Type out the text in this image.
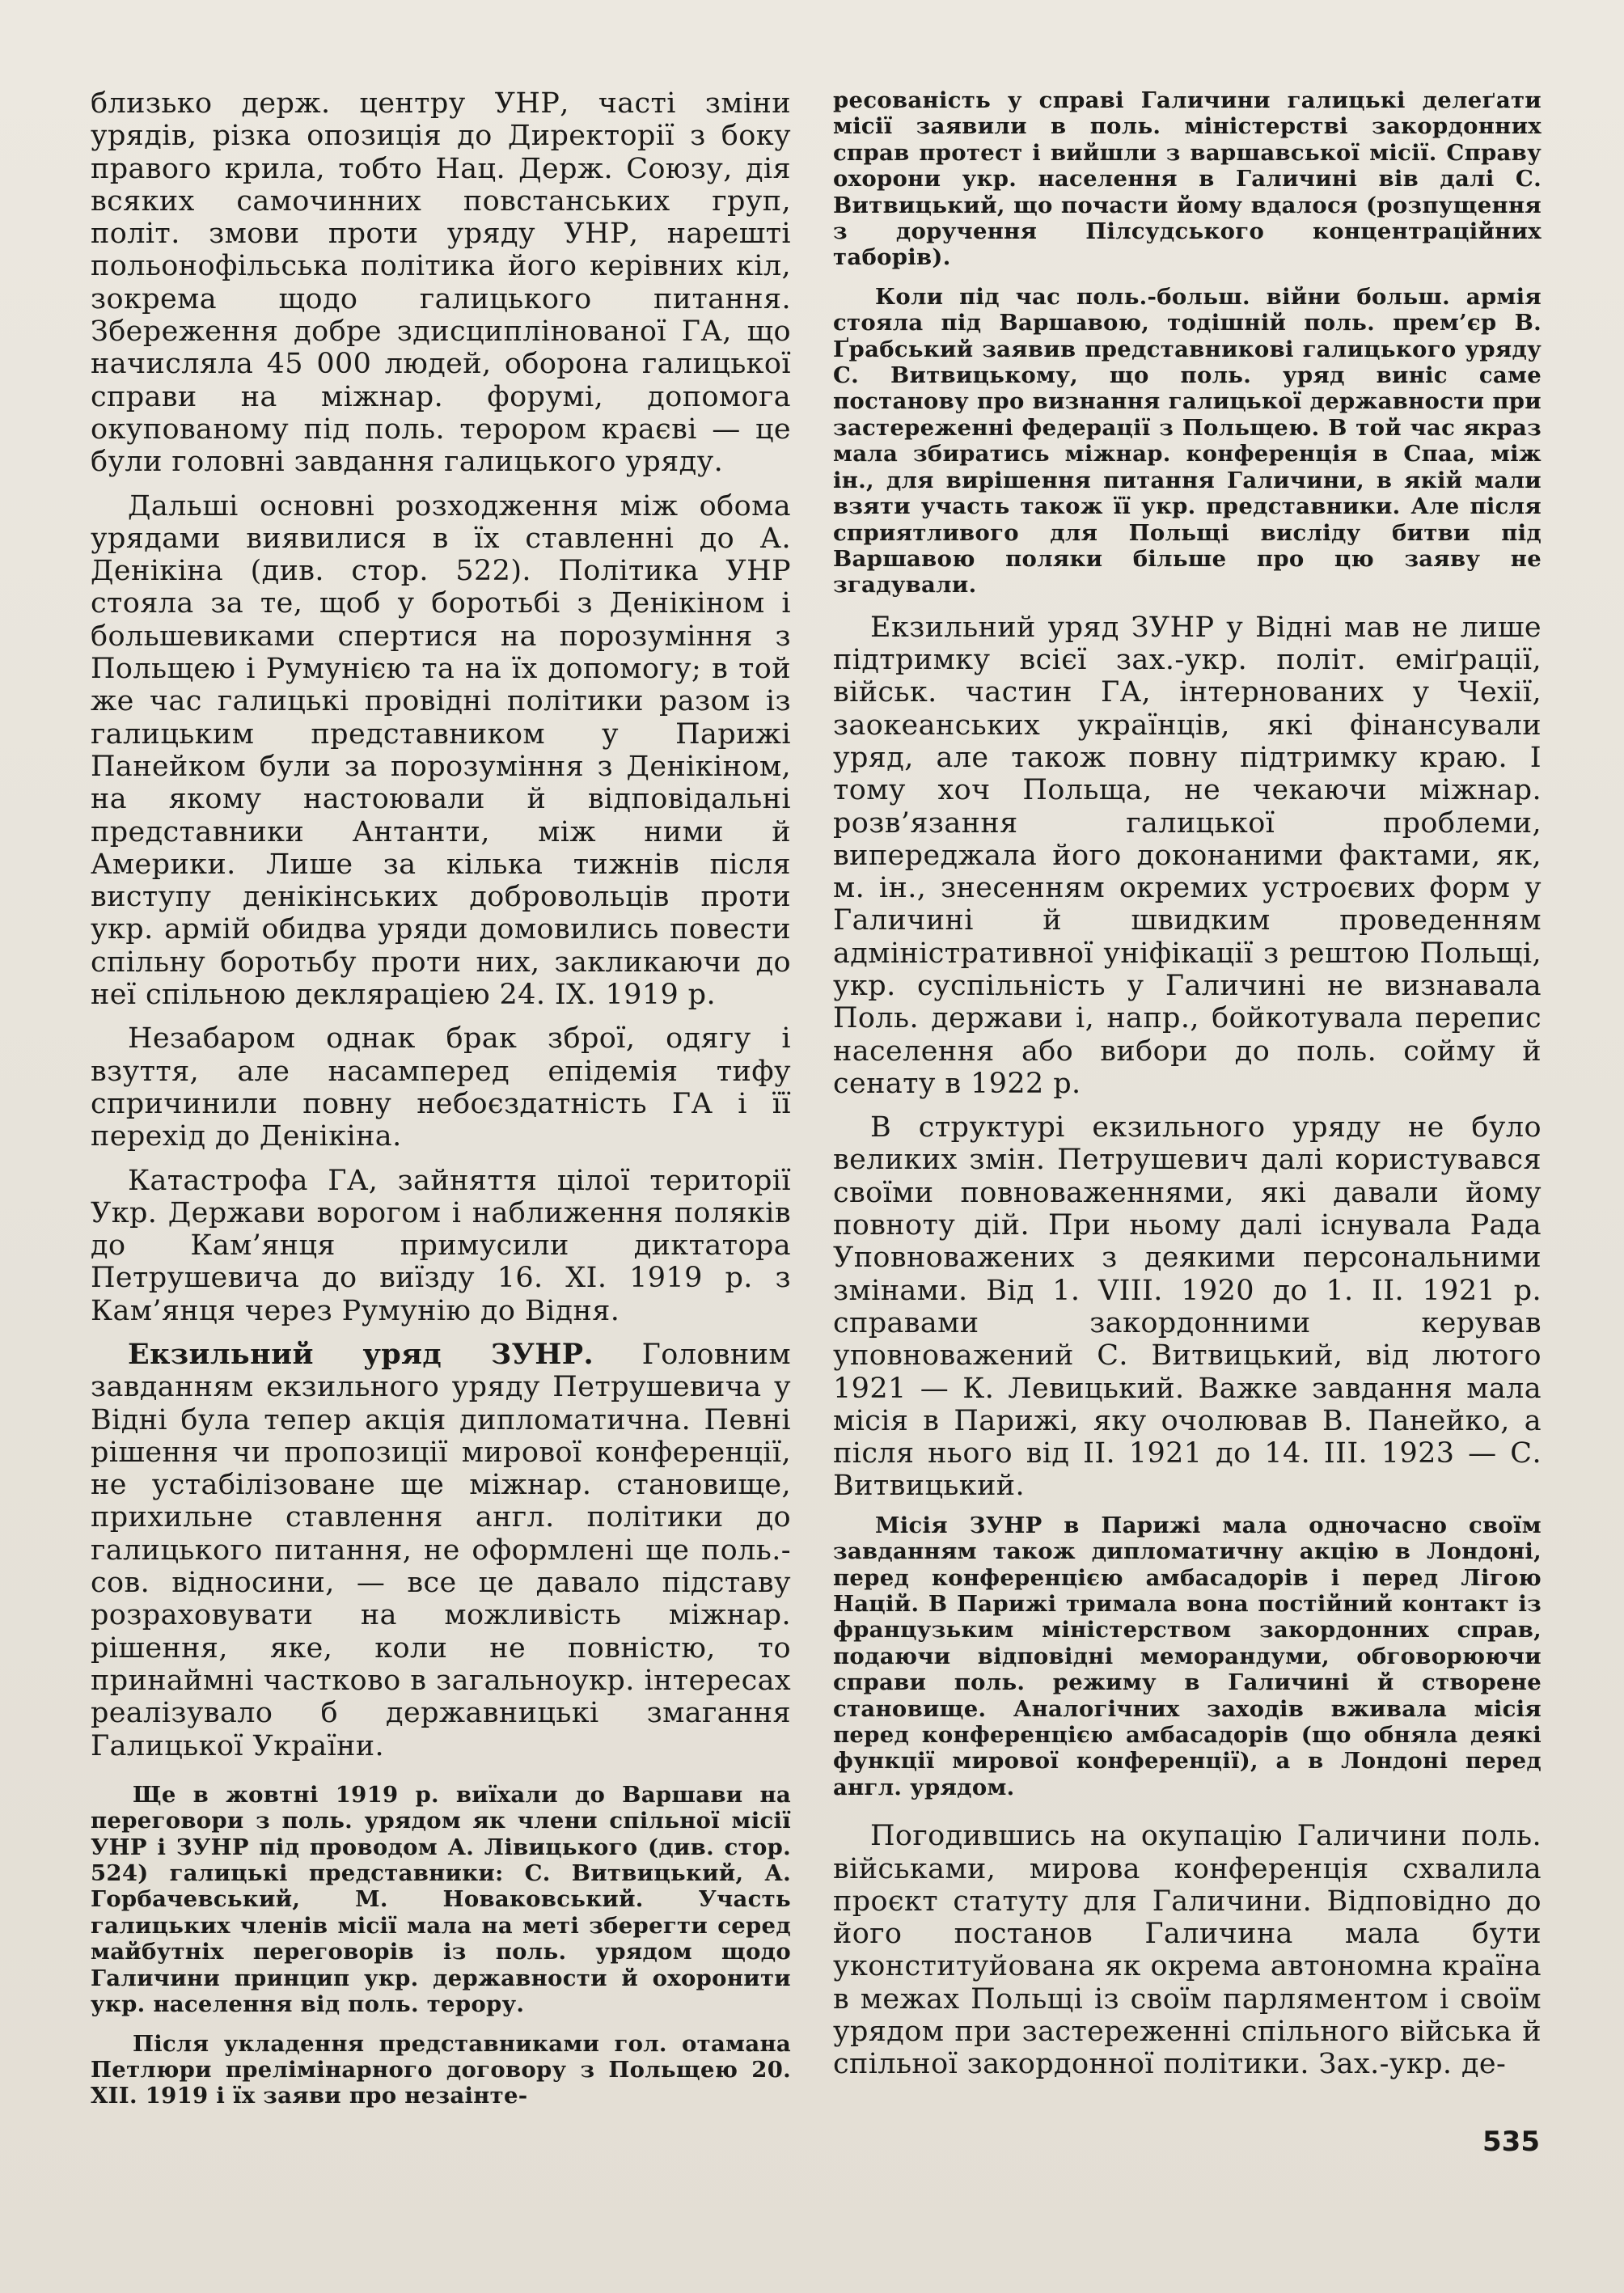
близько держ. центру УНР, часті зміни урядів, різка опозиція до Директорії з боку правого крила, тобто Нац. Держ. Союзу, дія всяких самочинних повстанських груп, політ. змови проти уряду УНР, нарешті польонофільська політика його керівних кіл, зокрема щодо галицького питання. Збереження добре здисциплінованої ГА, що начисляла 45 000 людей, оборона галицької справи на міжнар. форумі, допомога окупованому під поль. терором краєві — це були головні завдання галицького уряду.

Дальші основні розходження між обома урядами виявилися в їх ставленні до А. Денікіна (див. стор. 522). Політика УНР стояла за те, щоб у боротьбі з Денікіном і большевиками спертися на порозуміння з Польщею і Румунією та на їх допомогу; в той же час галицькі провідні політики разом із галицьким представником у Парижі Панейком були за порозуміння з Денікіном, на якому настоювали й відповідальні представники Антанти, між ними й Америки. Лише за кілька тижнів після виступу денікінських добровольців проти укр. армій обидва уряди домовились повести спільну боротьбу проти них, закликаючи до неї спільною декляраціею 24. IX. 1919 р.

Незабаром однак брак зброї, одягу і взуття, але насамперед епідемія тифу спричинили повну небоєздатність ГА і її перехід до Денікіна.

Катастрофа ГА, зайняття цілої території Укр. Держави ворогом і наближення поляків до Кам’янця примусили диктатора Петрушевича до виїзду 16. XI. 1919 р. з Кам’янця через Румунію до Відня.

Екзильний уряд ЗУНР. Головним завданням екзильного уряду Петрушевича у Відні була тепер акція дипломатична. Певні рішення чи пропозиції мирової конференції, не устабілізоване ще міжнар. становище, прихильне ставлення англ. політики до галицького питання, не оформлені ще поль.-сов. відносини, — все це давало підставу розраховувати на можливість міжнар. рішення, яке, коли не повністю, то принаймні частково в загальноукр. інтересах реалізувало б державницькі змагання Галицької України.

Ще в жовтні 1919 р. виїхали до Варшави на переговори з поль. урядом як члени спільної місії УНР і ЗУНР під проводом А. Лівицького (див. стор. 524) галицькі представники: С. Витвицький, А. Горбачевський, М. Новаковський. Участь галицьких членів місії мала на меті зберегти серед майбутніх переговорів із поль. урядом щодо Галичини принцип укр. державности й охоронити укр. населення від поль. терору.

Після укладення представниками гол. отамана Петлюри прелімінарного договору з Польщею 20. XII. 1919 і їх заяви про незаінте-

ресованість у справі Галичини галицькі делеґати місії заявили в поль. міністерстві закордонних справ протест і вийшли з варшавської місії. Справу охорони укр. населення в Галичині вів далі С. Витвицький, що почасти йому вдалося (розпущення з доручення Пілсудського концентраційних таборів).

Коли під час поль.-больш. війни больш. армія стояла під Варшавою, тодішній поль. прем’єр В. Ґрабський заявив представникові галицького уряду С. Витвицькому, що поль. уряд виніс саме постанову про визнання галицької державности при застереженні федерації з Польщею. В той час якраз мала збиратись міжнар. конференція в Спаа, між ін., для вирішення питання Галичини, в якій мали взяти участь також її укр. представники. Але після сприятливого для Польщі висліду битви під Варшавою поляки більше про цю заяву не згадували.

Екзильний уряд ЗУНР у Відні мав не лише підтримку всієї зах.-укр. політ. еміґрації, військ. частин ГА, інтернованих у Чехії, заокеанських українців, які фінансували уряд, але також повну підтримку краю. І тому хоч Польща, не чекаючи міжнар. розв’язання галицької проблеми, випереджала його доконаними фактами, як, м. ін., знесенням окремих устроєвих форм у Галичині й швидким проведенням адміністративної уніфікації з рештою Польщі, укр. суспільність у Галичині не визнавала Поль. держави і, напр., бойкотувала перепис населення або вибори до поль. сойму й сенату в 1922 р.

В структурі екзильного уряду не було великих змін. Петрушевич далі користувався своїми повноваженнями, які давали йому повноту дій. При ньому далі існувала Рада Уповноважених з деякими персональними змінами. Від 1. VIII. 1920 до 1. II. 1921 р. справами закордонними керував уповноважений С. Витвицький, від лютого 1921 — К. Левицький. Важке завдання мала місія в Парижі, яку очолював В. Панейко, а після нього від II. 1921 до 14. III. 1923 — С. Витвицький.

Місія ЗУНР в Парижі мала одночасно своїм завданням також дипломатичну акцію в Лондоні, перед конференцією амбасадорів і перед Лігою Націй. В Парижі тримала вона постійний контакт із французьким міністерством закордонних справ, подаючи відповідні меморандуми, обговорюючи справи поль. режиму в Галичині й створене становище. Аналогічних заходів вживала місія перед конференцією амбасадорів (що обняла деякі функції мирової конференції), а в Лондоні перед англ. урядом.

Погодившись на окупацію Галичини поль. військами, мирова конференція схвалила проєкт статуту для Галичини. Відповідно до його постанов Галичина мала бути уконституйована як окрема автономна країна в межах Польщі із своїм парляментом і своїм урядом при застереженні спільного війська й спільної закордонної політики. Зах.-укр. де-

535
